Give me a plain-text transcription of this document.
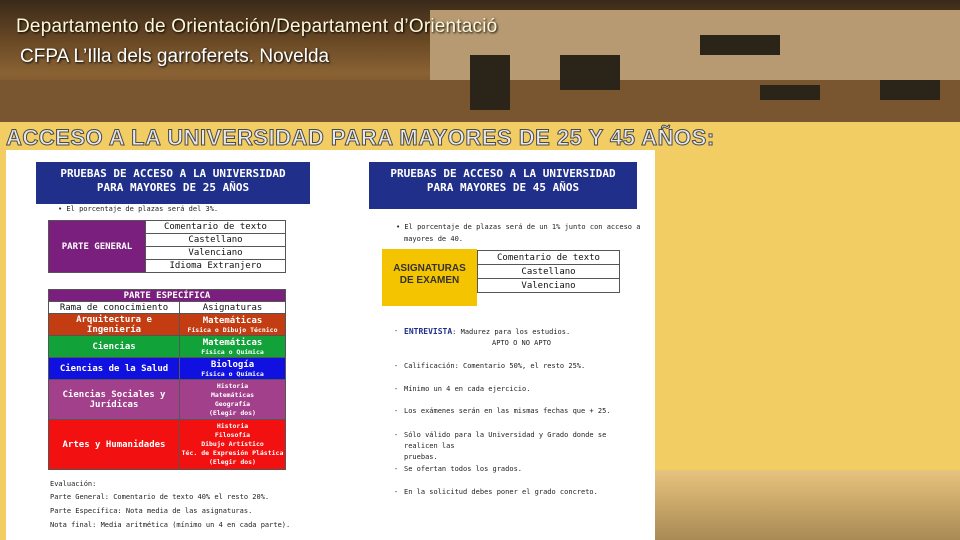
Departamento de Orientación/Departament d’Orientació
CFPA L’Illa dels garroferets. Novelda
ACCESO A LA UNIVERSIDAD PARA MAYORES DE 25 Y 45 AÑOS:
PRUEBAS DE ACCESO A LA UNIVERSIDAD
PARA MAYORES DE 25 AÑOS
• El porcentaje de plazas será del 3%.
PARTE GENERAL	Comentario de texto
Castellano
Valenciano
Idioma Extranjero
PARTE ESPECÍFICA	
Rama de conocimiento	Asignaturas
Arquitectura e Ingeniería	Matemáticas
Física o Dibujo Técnico

Ciencias	Matemáticas
Física o Química

Ciencias de la Salud	Biología
Física o Química

Ciencias Sociales y Jurídicas	Historia
Matemáticas
Geografía
(Elegir dos)

Artes y Humanidades	Historia
Filosofía
Dibujo Artístico
Téc. de Expresión Plástica
(Elegir dos)
Evaluación:
Parte General: Comentario de texto 40% el resto 20%.
Parte Específica: Nota media de las asignaturas.
Nota final: Media aritmética (mínimo un 4 en cada parte).
PRUEBAS DE ACCESO A LA UNIVERSIDAD
PARA MAYORES DE 45 AÑOS
• El porcentaje de plazas será de un 1% junto con acceso a
mayores de 40.
ASIGNATURAS
DE EXAMEN
Comentario de texto
Castellano
Valenciano
- ENTREVISTA: Madurez para los estudios.
APTO O NO APTO
- Calificación: Comentario 50%, el resto 25%.
- Mínimo un 4 en cada ejercicio.
- Los exámenes serán en las mismas fechas que + 25.
- Sólo válido para la Universidad y Grado donde se realicen las
pruebas.
- Se ofertan todos los grados.
- En la solicitud debes poner el grado concreto.
